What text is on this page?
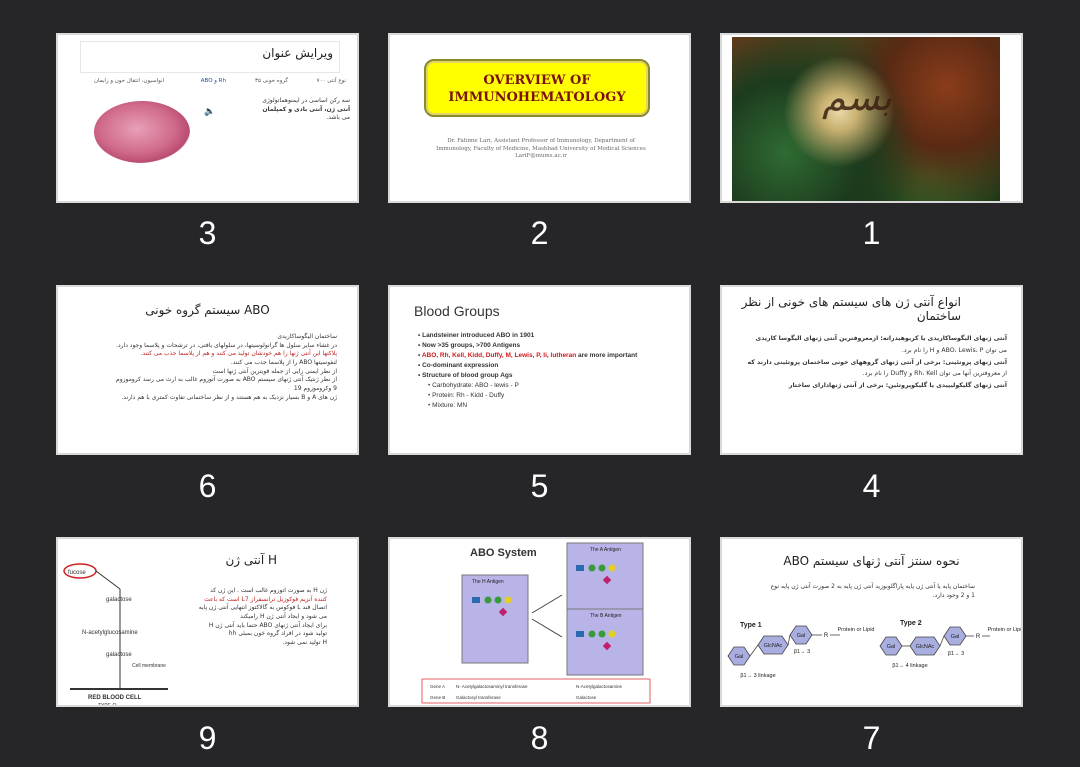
ویرایش عنوان
۷۰۰ نوع آنتی
۳۵ گروه خونی
ABO و Rh
انواسیون، انتقال خون و زایمان
🔈
سه رکن اساسی در ایمنوهماتولوژی
آنتی ژن، آنتی بادی و کمپلمان
می باشد.
3
OVERVIEW OF
IMMUNOHEMATOLOGY
Dr. Fahime Lari, Assistant Professor of Immunology, Department of Immunology, Faculty of Medicine, Mashhad University of Medical Sciences
LariF@mums.ac.ir
2
بسم
1
سیستم گروه خونی ABO
ساختمان الیگوساکاریدی
در غشاء سایر سلول ها گرانولوسیتها، در سلولهای بافتی، در ترشحات و پلاسما وجود دارد.
پلاکتها این آنتی ژنها را هم خودشان تولید می کنند و هم از پلاسما جذب می کنند.
لنفوسیتها ABO را از پلاسما جذب می کنند.
از نظر ایمنی زایی از جمله قویترین آنتی ژنها است
از نظر ژنتیک آنتی ژنهای سیستم ABO به صورت آتوزوم غالب به ارث می رسد کروموزوم
9 وکروموزوم 19
ژن های A و B بسیار نزدیک به هم هستند و از نظر ساختمانی تفاوت کمتری با هم دارند.
6
Blood Groups
• Landsteiner introduced ABO in 1901
• Now >35 groups, >700 Antigens
• ABO, Rh, Kell, Kidd, Duffy, M, Lewis, P, Ii, lutheran are more important
• Co-dominant expression
• Structure of blood group Ags
• Carbohydrate: ABO - lewis - P
• Protein: Rh - Kidd - Duffy
• Mixture: MN
5
انواع آنتی ژن های سیستم های خونی از نظر ساختمان
آنتی ژنهای الیگوساکاریدی یا کربوهیدراته: ازمعروفترین آنتی ژنهای الیگوسا کاریدی
می توان ABO، Lewis، P و H را نام برد.
آنتی ژنهای پروتئینی: برخی از آنتی ژنهای گروههای خونی ساختمان پروتئینی دارند که
از معروفترین آنها می توان Rh، Kell و Duffy را نام برد.
آنتی ژنهای گلیکولیپیدی یا گلیکوپروتئین: برخی از آنتی ژنهادارای ساختار
4
آنتی ژن H
fucose
galactose
N-acetylglucosamine
galactose
Cell membrane
RED BLOOD CELL
TYPE O
ژن H به صورت اتوزوم غالب است . این ژن کد
کننده آنزیم فوکوزیل ترانسفراز L7 است که باعث
اتصال قند L فوکوس به گالاکتوز انتهایی آنتی ژن پایه
می شود و ایجاد آنتی ژن H رامیکند
برای ایجاد آنتی ژنهای ABO حتما باید آنتی ژن H
تولید شود در افراد گروه خون بمبئی hh
H تولید نمی شود.
9
ABO System
The H Antigen
The A Antigen
The B Antigen
Gene A N- Acetylgalactosaminyl transferase	N-Acetylgalactosamine
Gene B Galactosyl transferase	Galactose
8
نحوه سنتز آنتی ژنهای سیستم ABO
ساختمان پایه یا آنتی ژن پایه پاراگلوبوزید آنتی ژن پایه به 2 صورت آنتی ژن پایه نوع 1 و 2 وجود دارد.
Type 1	Type 2
Gal
GlcNAc
Gal	R
Protein or Lipid
Gal	GlcNAc
Gal	R
Protein or Lipid
β1→ 3 linkage
β1→ 3
β1→ 4 linkage
β1→ 3
7
